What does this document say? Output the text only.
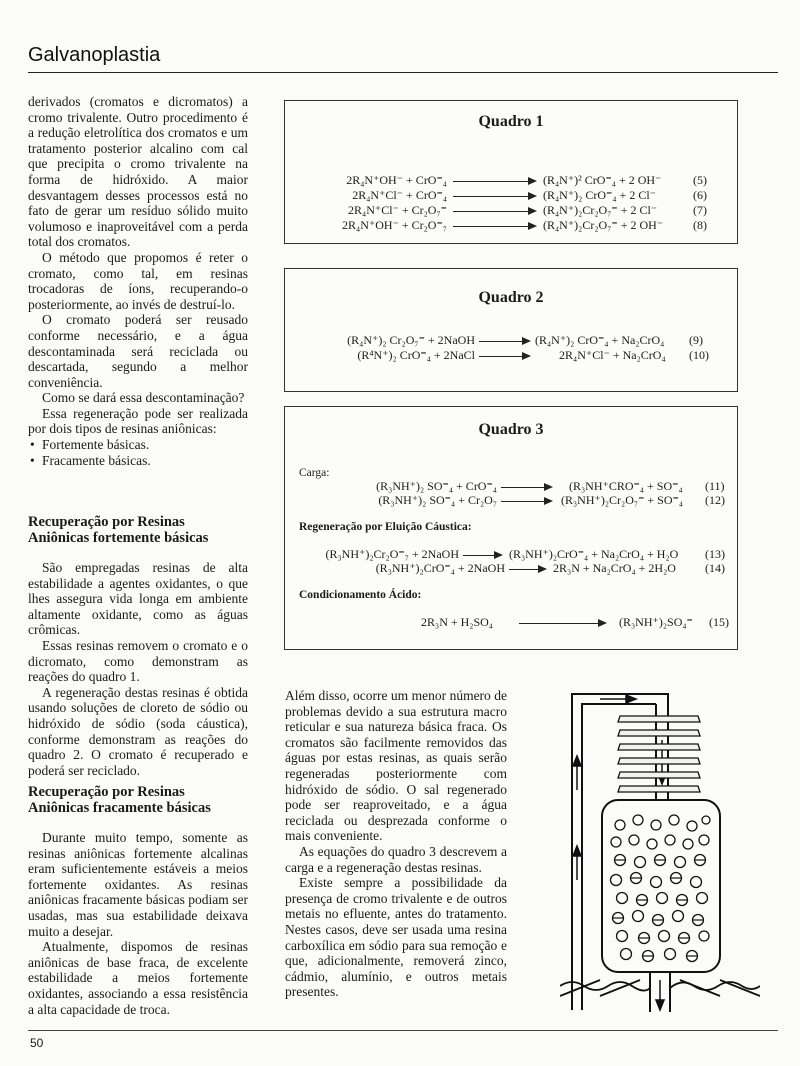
Galvanoplastia

derivados (cromatos e dicromatos) a cromo trivalente. Outro procedimento é a redução eletrolítica dos cromatos e um tratamento posterior alcalino com cal que precipita o cromo trivalente na forma de hidróxido. A maior desvantagem desses processos está no fato de gerar um resíduo sólido muito volumoso e inaproveitável com a perda total dos cromatos.

O método que propomos é reter o cromato, como tal, em resinas trocadoras de íons, recuperando-o posteriormente, ao invés de destruí-lo.

O cromato poderá ser reusado conforme necessário, e a água descontaminada será reciclada ou descartada, segundo a melhor conveniência.

Como se dará essa descontaminação?

Essa regeneração pode ser realizada por dois tipos de resinas aniônicas:

• Fortemente básicas.
• Fracamente básicas.
Recuperação por Resinas Aniônicas fortemente básicas

São empregadas resinas de alta estabilidade a agentes oxidantes, o que lhes assegura vida longa em ambiente altamente oxidante, como as águas crômicas.

Essas resinas removem o cromato e o dicromato, como demonstram as reações do quadro 1.

A regeneração destas resinas é obtida usando soluções de cloreto de sódio ou hidróxido de sódio (soda cáustica), conforme demonstram as reações do quadro 2. O cromato é recuperado e poderá ser reciclado.

Recuperação por Resinas Aniônicas fracamente básicas

Durante muito tempo, somente as resinas aniônicas fortemente alcalinas eram suficientemente estáveis a meios fortemente oxidantes. As resinas aniônicas fracamente básicas podiam ser usadas, mas sua estabilidade deixava muito a desejar.

Atualmente, dispomos de resinas aniônicas de base fraca, de excelente estabilidade a meios fortemente oxidantes, associando a essa resistência a alta capacidade de troca.

Além disso, ocorre um menor número de problemas devido a sua estrutura macro reticular e sua natureza básica fraca. Os cromatos são facilmente removidos das águas por estas resinas, as quais serão regeneradas posteriormente com hidróxido de sódio. O sal regenerado pode ser reaproveitado, e a água reciclada ou desprezada conforme o mais conveniente.

As equações do quadro 3 descrevem a carga e a regeneração destas resinas.

Existe sempre a possibilidade da presença de cromo trivalente e de outros metais no efluente, antes do tratamento. Nestes casos, deve ser usada uma resina carboxílica em sódio para sua remoção e que, adicionalmente, removerá zinco, cádmio, alumínio, e outros metais presentes.

Quadro 1
2R₄N⁺OH⁻ + CrO⁼₄	(R₄N⁺)² CrO⁼₄ + 2 OH⁻	(5)
2R₄N⁺Cl⁻ + CrO⁼₄	(R₄N⁺)₂ CrO⁼₄ + 2 Cl⁻	(6)
2R₄N⁺Cl⁻ + Cr₂O₇⁼	(R₄N⁺)₂Cr₂O₇⁼ + 2 Cl⁻	(7)
2R₄N⁺OH⁻ + Cr₂O⁼₇	(R₄N⁺)₂Cr₂O₇⁼ + 2 OH⁻ (8)
Quadro 2
(R₄N⁺)₂ Cr₂O₇⁼ + 2NaOH → (R₄N⁺)₂ CrO⁼₄ + Na₂CrO₄ (9)
(R⁴N⁺)₂ CrO⁼₄ + 2NaCl →	2R₄N⁺Cl⁻ + Na₂CrO₄ (10)
Quadro 3
Carga:
(R₃NH⁺)₂ SO⁼₄ + CrO⁼₄ → (R₃NH⁺CRO⁼₄ + SO⁼₄ (11)
(R₃NH⁺)₂ SO⁼₄ + Cr₂O₇ → (R₃NH⁺)₂Cr₂O₇⁼ + SO⁼₄ (12)
Regeneração por Eluição Cáustica:
(R₃NH⁺)₂Cr₂O⁼₇ + 2NaOH → (R₃NH⁺)₂CrO⁼₄ + Na₂CrO₄ + H₂O (13)
(R₃NH⁺)₂CrO⁼₄ + 2NaOH → 2R₃N + Na₂CrO₄ + 2H₂O (14)
Condicionamento Ácido:
2R₃N + H₂SO₄	(R₃NH⁺)₂SO₄⁼ (15)
50
